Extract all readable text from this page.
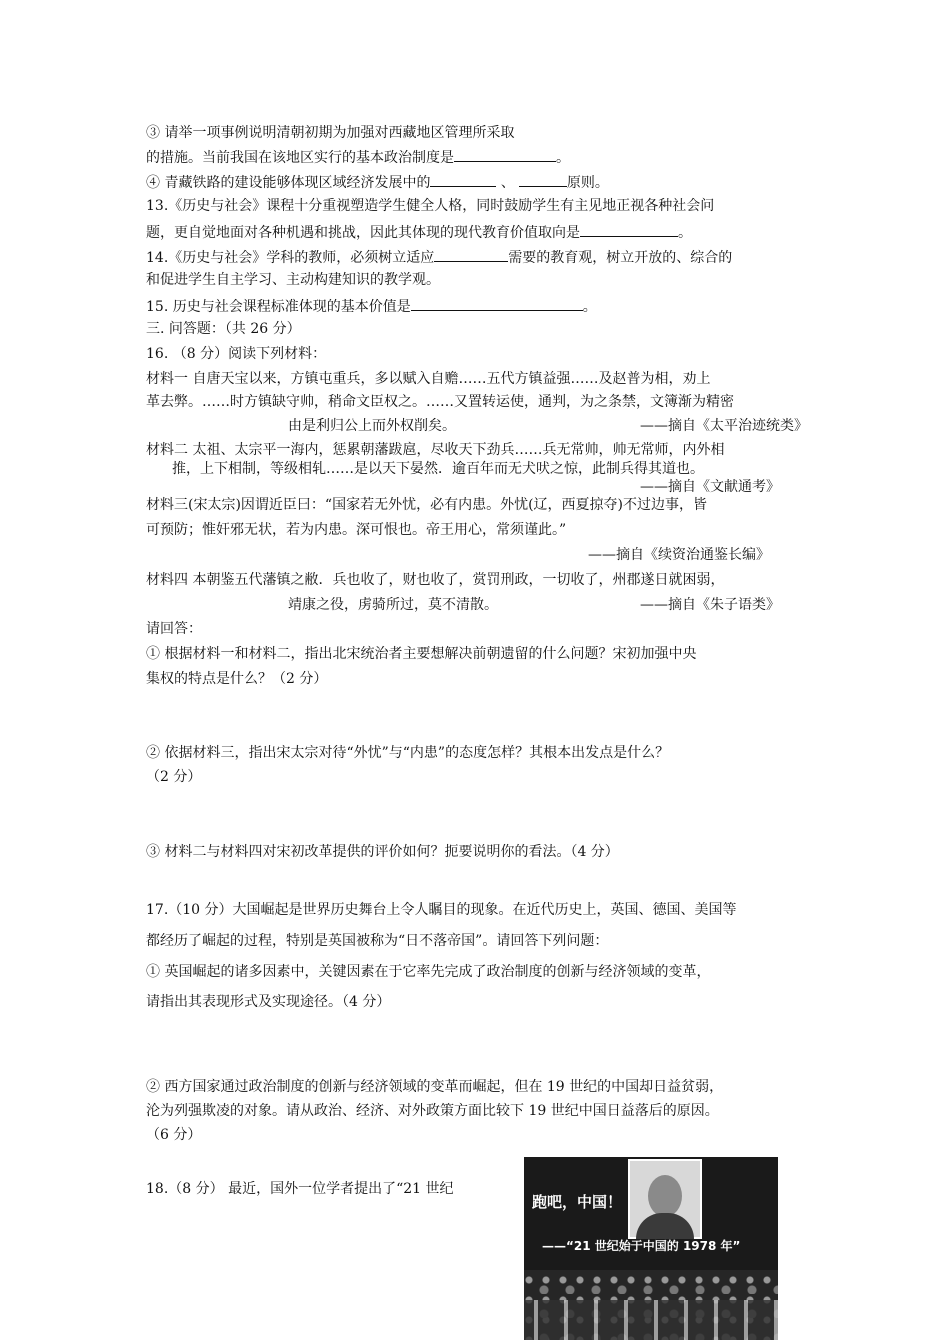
③ 请举一项事例说明清朝初期为加强对西藏地区管理所采取
的措施。当前我国在该地区实行的基本政治制度是	。
④ 青藏铁路的建设能够体现区域经济发展中的	、	原则。
13.《历史与社会》课程十分重视塑造学生健全人格，同时鼓励学生有主见地正视各种社会问
题，更自觉地面对各种机遇和挑战，因此其体现的现代教育价值取向是	。
14.《历史与社会》学科的教师，必须树立适应	需要的教育观，树立开放的、综合的
和促进学生自主学习、主动构建知识的教学观。
15. 历史与社会课程标准体现的基本价值是	。
三. 问答题：（共 26 分）
16. （8 分）阅读下列材料：
材料一 自唐天宝以来，方镇屯重兵，多以赋入自赡……五代方镇益强……及赵普为相，劝上
革去弊。……时方镇缺守帅，稍命文臣权之。……又置转运使，通判，为之条禁，文簿渐为精密
由是利归公上而外权削矣。	——摘自《太平治迹统类》
材料二 太祖、太宗平一海内，惩累朝藩跋扈，尽收天下劲兵……兵无常帅，帅无常师，内外相
推，上下相制，等级相轧……是以天下晏然．逾百年而无犬吠之惊，此制兵得其道也。
——摘自《文献通考》
材料三(宋太宗)因谓近臣曰：“国家若无外忧，必有内患。外忧(辽，西夏掠夺)不过边事，皆
可预防；惟奸邪无状，若为内患。深可恨也。帝王用心，常须谨此。”
——摘自《续资治通鉴长编》
材料四 本朝鉴五代藩镇之敝．兵也收了，财也收了，赏罚刑政，一切收了，州郡遂日就困弱，
靖康之役，虏骑所过，莫不清散。	——摘自《朱子语类》
请回答：
① 根据材料一和材料二，指出北宋统治者主要想解决前朝遗留的什么问题？宋初加强中央
集权的特点是什么？（2 分）
② 依据材料三，指出宋太宗对待“外忧”与“内患”的态度怎样？其根本出发点是什么？
（2 分）
③ 材料二与材料四对宋初改革提供的评价如何？扼要说明你的看法。（4 分）
17.（10 分）大国崛起是世界历史舞台上令人瞩目的现象。在近代历史上，英国、德国、美国等
都经历了崛起的过程，特别是英国被称为“日不落帝国”。请回答下列问题：
① 英国崛起的诸多因素中，关键因素在于它率先完成了政治制度的创新与经济领域的变革，
请指出其表现形式及实现途径。（4 分）
② 西方国家通过政治制度的创新与经济领域的变革而崛起，但在 19 世纪的中国却日益贫弱，
沦为列强欺凌的对象。请从政治、经济、对外政策方面比较下 19 世纪中国日益落后的原因。
（6 分）
18.（8 分） 最近，国外一位学者提出了“21 世纪
跑吧，中国！
——“21 世纪始于中国的 1978 年”
